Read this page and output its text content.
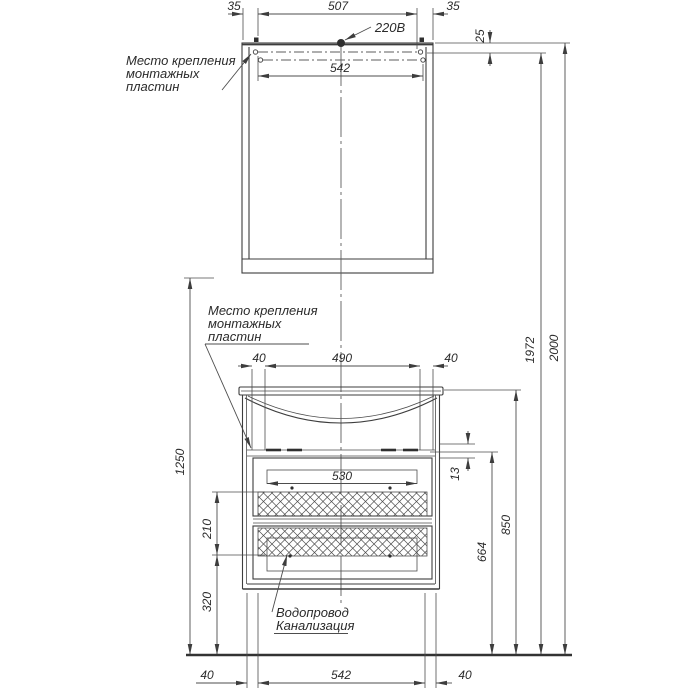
220В
35	507	35
542
25
Место крепления
монтажных
пластин
Место крепления
монтажных
пластин
530
40	490	40
13
664
850
1972 2000
1250
210
320
Водопровод
Канализация
40	542	40
